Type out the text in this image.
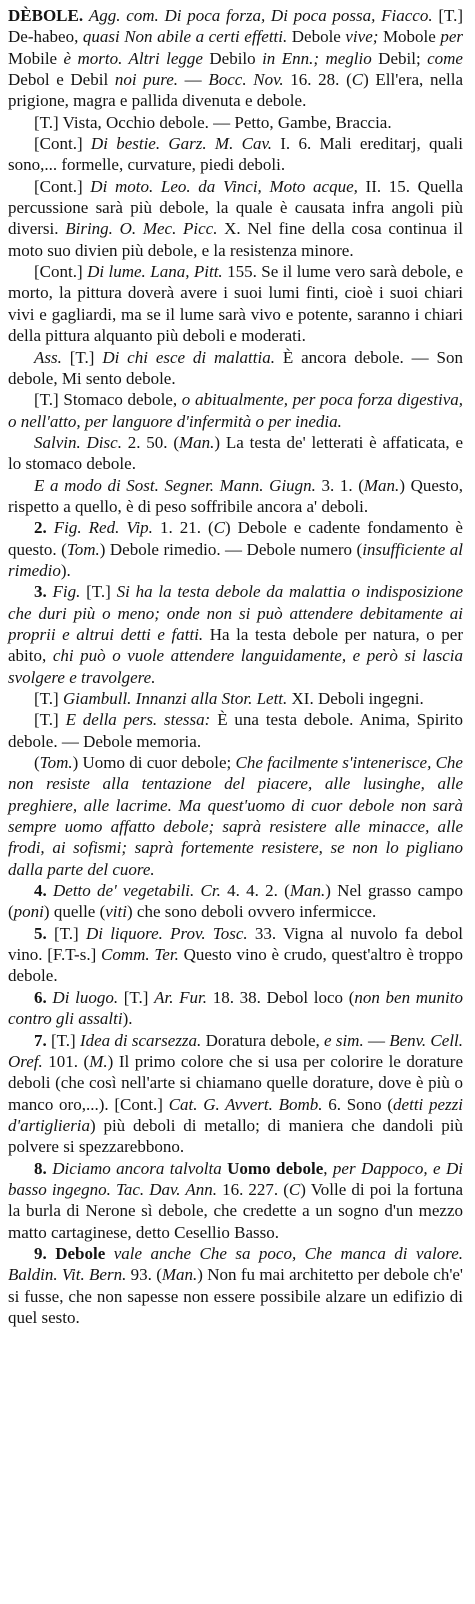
DÈBOLE. Agg. com. Di poca forza, Di poca possa, Fiacco. [T.] De-habeo, quasi Non abile a certi effetti. Debole vive; Mobole per Mobile è morto. Altri legge Debilo in Enn.; meglio Debil; come Debol e Debil noi pure. — Bocc. Nov. 16. 28. (C) Ell'era, nella prigione, magra e pallida divenuta e debole.

[T.] Vista, Occhio debole. — Petto, Gambe, Braccia.

[Cont.] Di bestie. Garz. M. Cav. I. 6. Mali ereditarj, quali sono,... formelle, curvature, piedi deboli.

[Cont.] Di moto. Leo. da Vinci, Moto acque, II. 15. Quella percussione sarà più debole, la quale è causata infra angoli più diversi. Biring. O. Mec. Picc. X. Nel fine della cosa continua il moto suo divien più debole, e la resistenza minore.

[Cont.] Di lume. Lana, Pitt. 155. Se il lume vero sarà debole, e morto, la pittura doverà avere i suoi lumi finti, cioè i suoi chiari vivi e gagliardi, ma se il lume sarà vivo e potente, saranno i chiari della pittura alquanto più deboli e moderati.

Ass. [T.] Di chi esce di malattia. È ancora debole. — Son debole, Mi sento debole.

[T.] Stomaco debole, o abitualmente, per poca forza digestiva, o nell'atto, per languore d'infermità o per inedia.

Salvin. Disc. 2. 50. (Man.) La testa de' letterati è affaticata, e lo stomaco debole.

E a modo di Sost. Segner. Mann. Giugn. 3. 1. (Man.) Questo, rispetto a quello, è di peso soffribile ancora a' deboli.

2. Fig. Red. Vip. 1. 21. (C) Debole e cadente fondamento è questo. (Tom.) Debole rimedio. — Debole numero (insufficiente al rimedio).

3. Fig. [T.] Si ha la testa debole da malattia o indisposizione che duri più o meno; onde non si può attendere debitamente ai proprii e altrui detti e fatti. Ha la testa debole per natura, o per abito, chi può o vuole attendere languidamente, e però si lascia svolgere e travolgere.

[T.] Giambull. Innanzi alla Stor. Lett. XI. Deboli ingegni.

[T.] E della pers. stessa: È una testa debole. Anima, Spirito debole. — Debole memoria.

(Tom.) Uomo di cuor debole; Che facilmente s'intenerisce, Che non resiste alla tentazione del piacere, alle lusinghe, alle preghiere, alle lacrime. Ma quest'uomo di cuor debole non sarà sempre uomo affatto debole; saprà resistere alle minacce, alle frodi, ai sofismi; saprà fortemente resistere, se non lo pigliano dalla parte del cuore.

4. Detto de' vegetabili. Cr. 4. 4. 2. (Man.) Nel grasso campo (poni) quelle (viti) che sono deboli ovvero infermicce.

5. [T.] Di liquore. Prov. Tosc. 33. Vigna al nuvolo fa debol vino. [F.T-s.] Comm. Ter. Questo vino è crudo, quest'altro è troppo debole.

6. Di luogo. [T.] Ar. Fur. 18. 38. Debol loco (non ben munito contro gli assalti).

7. [T.] Idea di scarsezza. Doratura debole, e sim. — Benv. Cell. Oref. 101. (M.) Il primo colore che si usa per colorire le dorature deboli (che così nell'arte si chiamano quelle dorature, dove è più o manco oro,...). [Cont.] Cat. G. Avvert. Bomb. 6. Sono (detti pezzi d'artiglieria) più deboli di metallo; di maniera che dandoli più polvere si spezzarebbono.

8. Diciamo ancora talvolta Uomo debole, per Dappoco, e Di basso ingegno. Tac. Dav. Ann. 16. 227. (C) Volle di poi la fortuna la burla di Nerone sì debole, che credette a un sogno d'un mezzo matto cartaginese, detto Cesellio Basso.

9. Debole vale anche Che sa poco, Che manca di valore. Baldin. Vit. Bern. 93. (Man.) Non fu mai architetto per debole ch'e' si fusse, che non sapesse non essere possibile alzare un edifizio di quel sesto.
